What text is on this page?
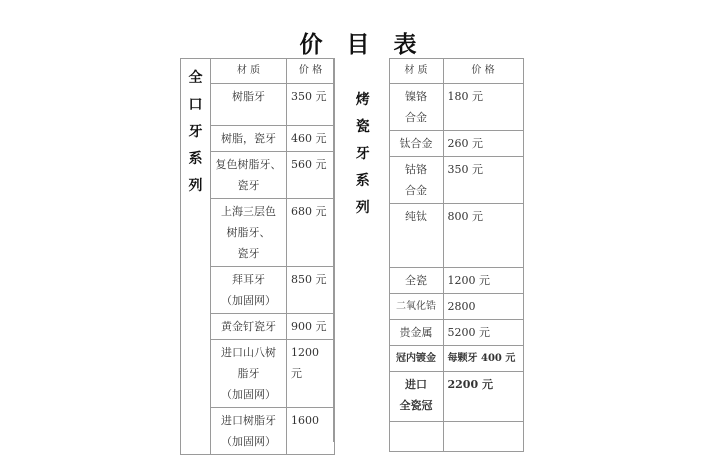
价 目 表
全
口
牙
系
列	材 质	价 格
	树脂牙	350 元
	树脂，瓷牙	460 元
	复色树脂牙、
瓷牙	560 元
	上海三层色
树脂牙、
瓷牙	680 元
	拜耳牙
（加固网）	850 元
	黄金钉瓷牙	900 元
	进口山八树
脂牙
（加固网）	1200 元
	进口树脂牙
（加固网）	1600
烤
瓷
牙
系
列	材 质	价 格
	镍铬
合金	180 元
	钛合金	260 元
	钴铬
合金	350 元
	纯钛	800 元
	全瓷	1200 元
	二氧化锆	2800
	贵金属	5200 元
	冠内镀金	每颗牙 400 元
	进口
全瓷冠	2200 元
